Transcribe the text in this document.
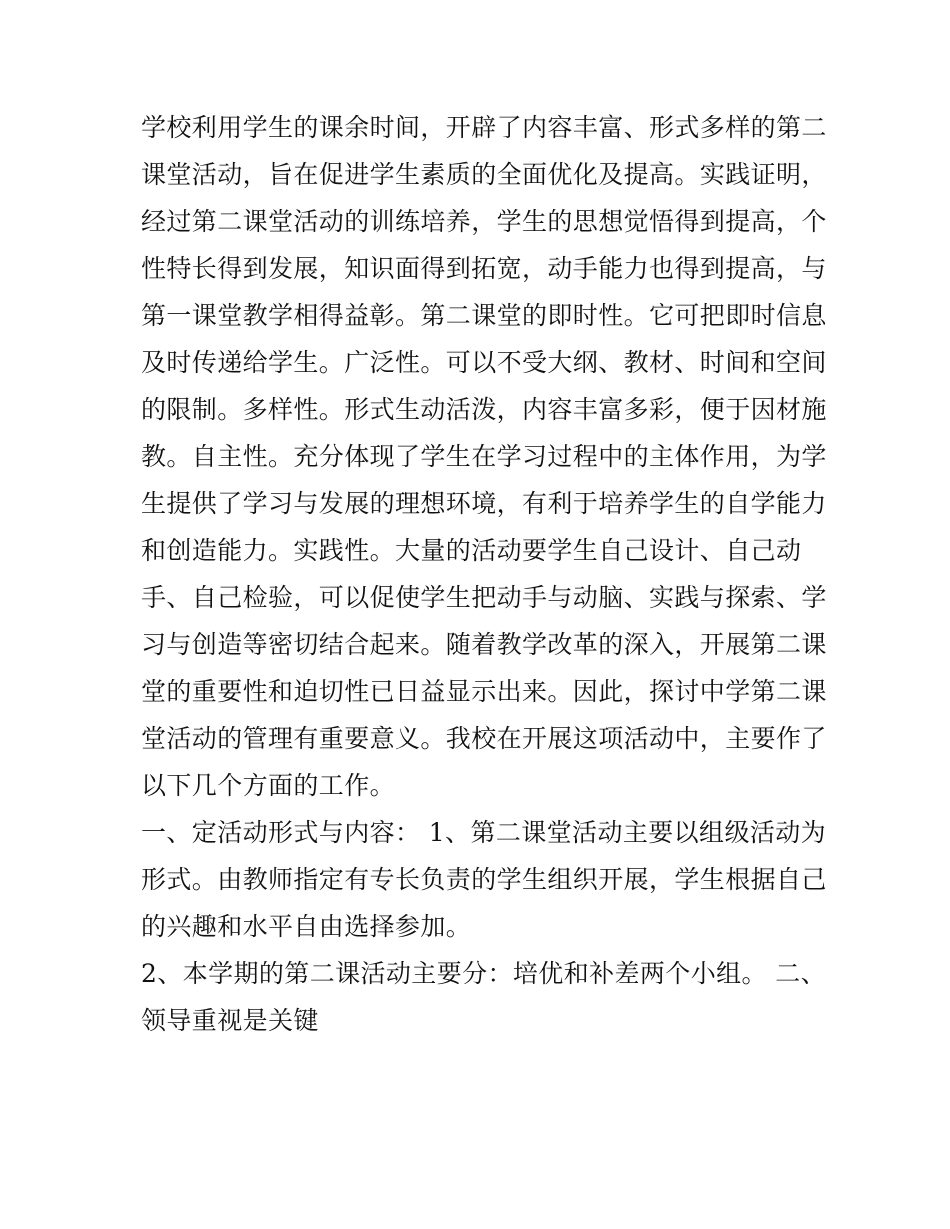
学校利用学生的课余时间，开辟了内容丰富、形式多样的第二
课堂活动，旨在促进学生素质的全面优化及提高。实践证明，
经过第二课堂活动的训练培养，学生的思想觉悟得到提高，个
性特长得到发展，知识面得到拓宽，动手能力也得到提高，与
第一课堂教学相得益彰。第二课堂的即时性。它可把即时信息
及时传递给学生。广泛性。可以不受大纲、教材、时间和空间
的限制。多样性。形式生动活泼，内容丰富多彩，便于因材施
教。自主性。充分体现了学生在学习过程中的主体作用，为学
生提供了学习与发展的理想环境，有利于培养学生的自学能力
和创造能力。实践性。大量的活动要学生自己设计、自己动
手、自己检验，可以促使学生把动手与动脑、实践与探索、学
习与创造等密切结合起来。随着教学改革的深入，开展第二课
堂的重要性和迫切性已日益显示出来。因此，探讨中学第二课
堂活动的管理有重要意义。我校在开展这项活动中，主要作了
以下几个方面的工作。
一、定活动形式与内容： 1、第二课堂活动主要以组级活动为
形式。由教师指定有专长负责的学生组织开展，学生根据自己
的兴趣和水平自由选择参加。
2、本学期的第二课活动主要分：培优和补差两个小组。 二、
领导重视是关键
